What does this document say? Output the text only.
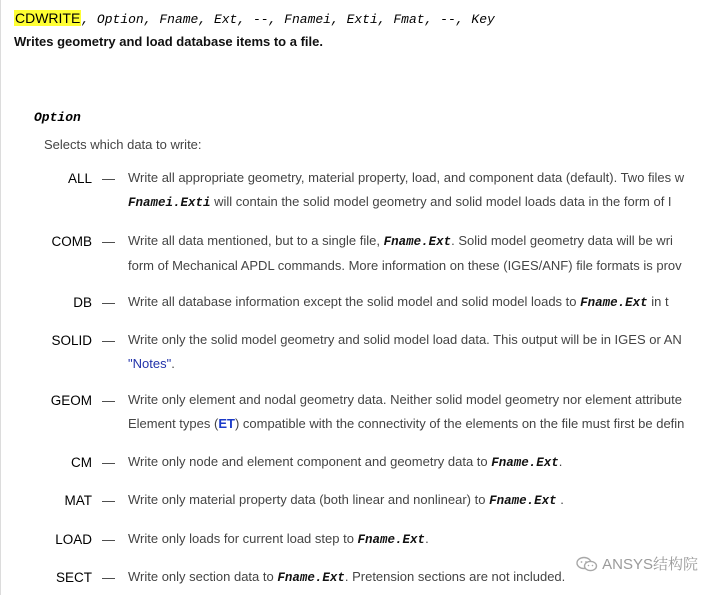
CDWRITE, Option, Fname, Ext, --, Fnamei, Exti, Fmat, --, Key
Writes geometry and load database items to a file.
Option
Selects which data to write:
ALL — Write all appropriate geometry, material property, load, and component data (default). Two files w
Fnamei.Exti will contain the solid model geometry and solid model loads data in the form of I
COMB — Write all data mentioned, but to a single file, Fname.Ext. Solid model geometry data will be wri
form of Mechanical APDL commands. More information on these (IGES/ANF) file formats is prov
DB — Write all database information except the solid model and solid model loads to Fname.Ext in t
SOLID — Write only the solid model geometry and solid model load data. This output will be in IGES or AN
"Notes".
GEOM — Write only element and nodal geometry data. Neither solid model geometry nor element attribute
Element types (ET) compatible with the connectivity of the elements on the file must first be defin
CM — Write only node and element component and geometry data to Fname.Ext.
MAT — Write only material property data (both linear and nonlinear) to Fname.Ext .
LOAD — Write only loads for current load step to Fname.Ext.
SECT — Write only section data to Fname.Ext. Pretension sections are not included.
ANSYS结构院
